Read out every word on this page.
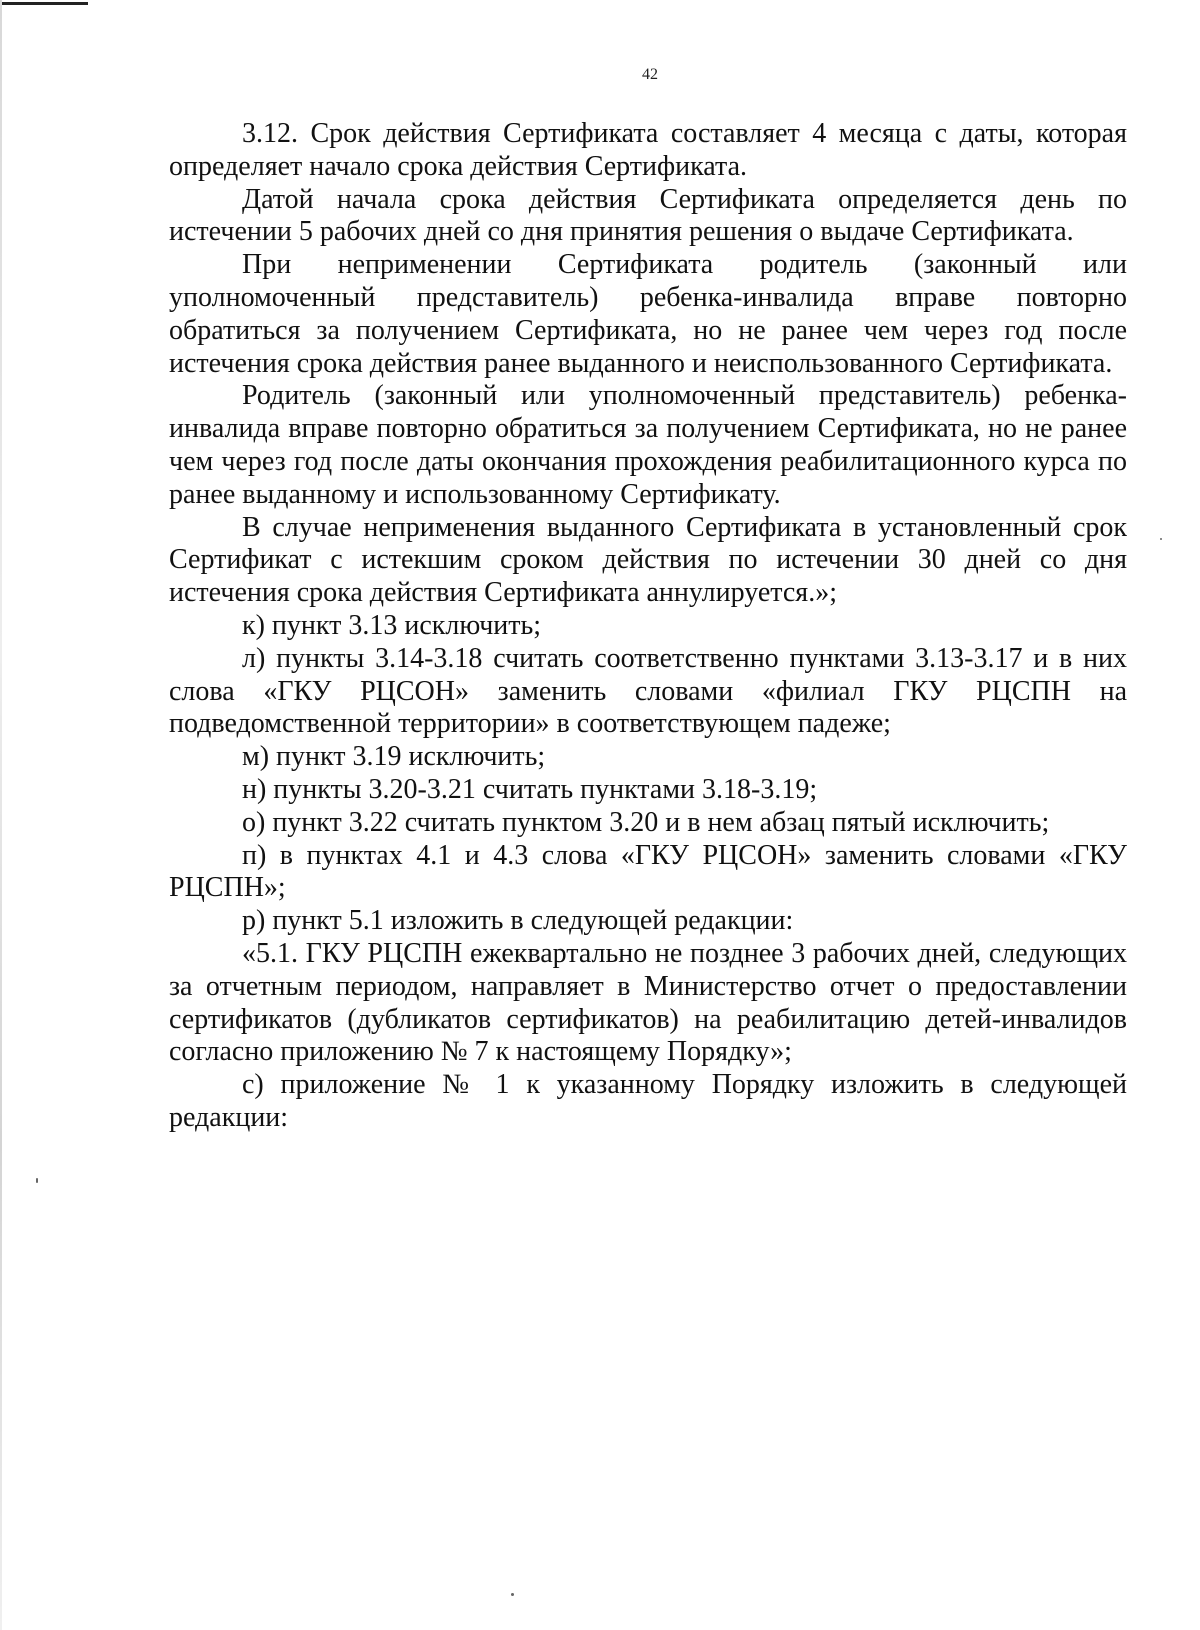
42

3.12. Срок действия Сертификата составляет 4 месяца с даты, которая определяет начало срока действия Сертификата.

Датой начала срока действия Сертификата определяется день по истечении 5 рабочих дней со дня принятия решения о выдаче Сертификата.

При неприменении Сертификата родитель (законный или уполномоченный представитель) ребенка-инвалида вправе повторно обратиться за получением Сертификата, но не ранее чем через год после истечения срока действия ранее выданного и неиспользованного Сертификата.

Родитель (законный или уполномоченный представитель) ребенка-инвалида вправе повторно обратиться за получением Сертификата, но не ранее чем через год после даты окончания прохождения реабилитационного курса по ранее выданному и использованному Сертификату.

В случае неприменения выданного Сертификата в установленный срок Сертификат с истекшим сроком действия по истечении 30 дней со дня истечения срока действия Сертификата аннулируется.»;

к) пункт 3.13 исключить;

л) пункты 3.14-3.18 считать соответственно пунктами 3.13-3.17 и в них слова «ГКУ РЦСОН» заменить словами «филиал ГКУ РЦСПН на подведомственной территории» в соответствующем падеже;

м) пункт 3.19 исключить;

н) пункты 3.20-3.21 считать пунктами 3.18-3.19;

о) пункт 3.22 считать пунктом 3.20 и в нем абзац пятый исключить;

п) в пунктах 4.1 и 4.3 слова «ГКУ РЦСОН» заменить словами «ГКУ РЦСПН»;

р) пункт 5.1 изложить в следующей редакции:

«5.1. ГКУ РЦСПН ежеквартально не позднее 3 рабочих дней, следующих за отчетным периодом, направляет в Министерство отчет о предоставлении сертификатов (дубликатов сертификатов) на реабилитацию детей-инвалидов согласно приложению № 7 к настоящему Порядку»;

с) приложение № 1 к указанному Порядку изложить в следующей редакции:
